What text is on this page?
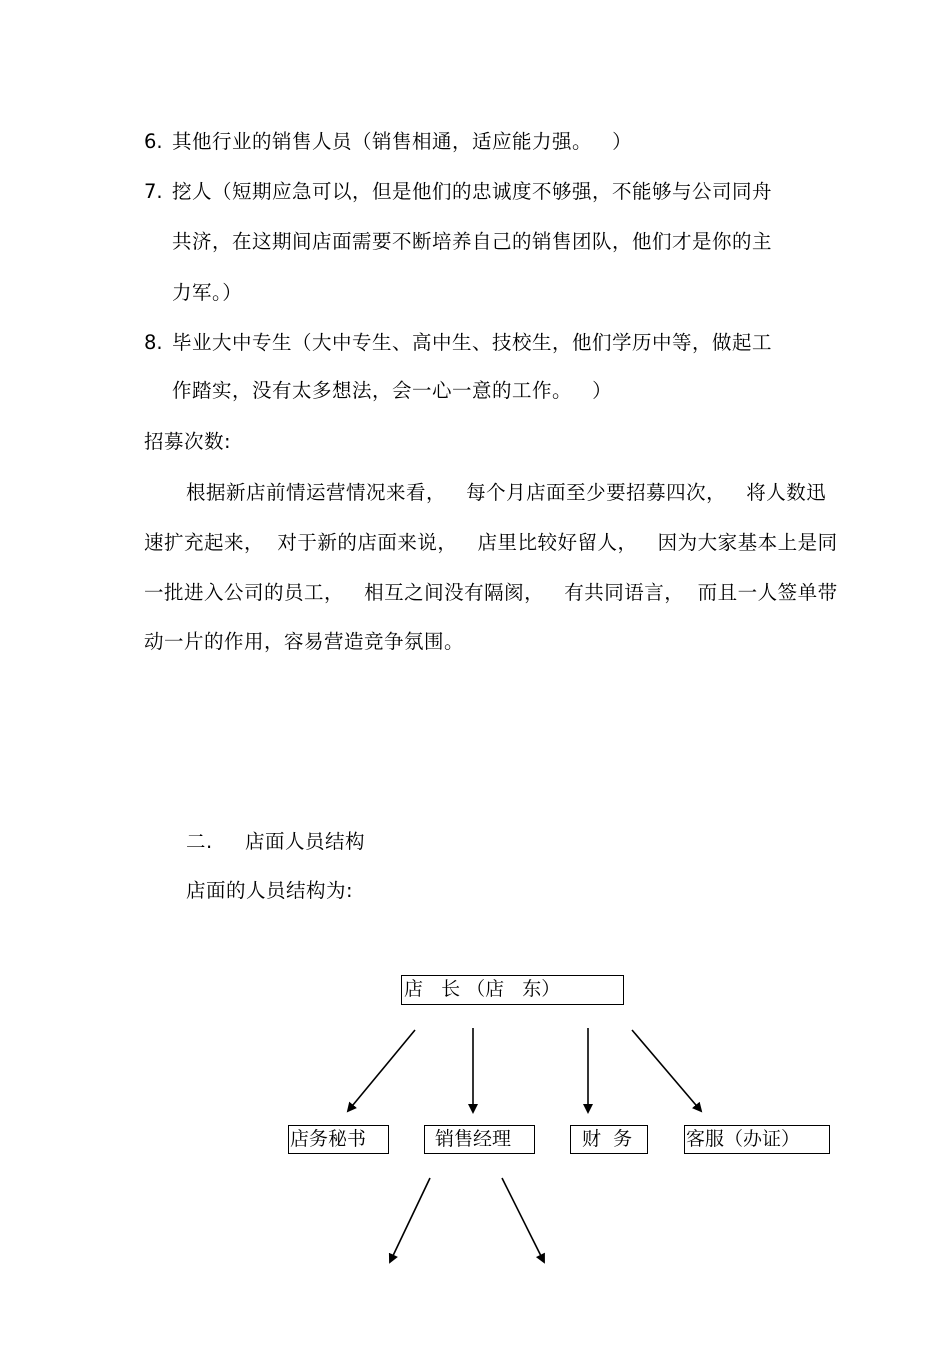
6. 其他行业的销售人员（销售相通，适应能力强。   ）
7. 挖人（短期应急可以，但是他们的忠诚度不够强，不能够与公司同舟
共济，在这期间店面需要不断培养自己的销售团队，他们才是你的主
力军。）
8. 毕业大中专生（大中专生、高中生、技校生，他们学历中等，做起工
作踏实，没有太多想法，会一心一意的工作。   ）
招募次数:
根据新店前情运营情况来看，   每个月店面至少要招募四次，   将人数迅
速扩充起来，  对于新的店面来说，   店里比较好留人，   因为大家基本上是同
一批进入公司的员工，   相互之间没有隔阂，   有共同语言，  而且一人签单带
动一片的作用，容易营造竞争氛围。
二. 店面人员结构
店面的人员结构为:
店   长 （店   东）
店务秘书	销售经理	财  务	客服（办证）
